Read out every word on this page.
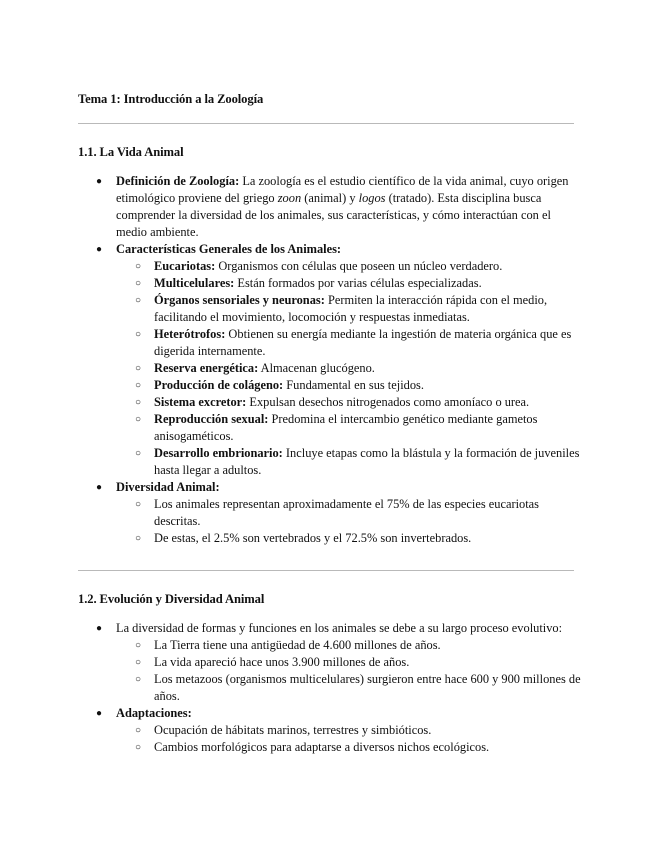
Tema 1: Introducción a la Zoología
1.1. La Vida Animal
● Definición de Zoología: La zoología es el estudio científico de la vida animal, cuyo origen etimológico proviene del griego zoon (animal) y logos (tratado). Esta disciplina busca comprender la diversidad de los animales, sus características, y cómo interactúan con el medio ambiente.
● Características Generales de los Animales:
○ Eucariotas: Organismos con células que poseen un núcleo verdadero.
○ Multicelulares: Están formados por varias células especializadas.
○ Órganos sensoriales y neuronas: Permiten la interacción rápida con el medio, facilitando el movimiento, locomoción y respuestas inmediatas.
○ Heterótrofos: Obtienen su energía mediante la ingestión de materia orgánica que es digerida internamente.
○ Reserva energética: Almacenan glucógeno.
○ Producción de colágeno: Fundamental en sus tejidos.
○ Sistema excretor: Expulsan desechos nitrogenados como amoníaco o urea.
○ Reproducción sexual: Predomina el intercambio genético mediante gametos anisogaméticos.
○ Desarrollo embrionario: Incluye etapas como la blástula y la formación de juveniles hasta llegar a adultos.
● Diversidad Animal:
○ Los animales representan aproximadamente el 75% de las especies eucariotas descritas.
○ De estas, el 2.5% son vertebrados y el 72.5% son invertebrados.
1.2. Evolución y Diversidad Animal
● La diversidad de formas y funciones en los animales se debe a su largo proceso evolutivo:
○ La Tierra tiene una antigüedad de 4.600 millones de años.
○ La vida apareció hace unos 3.900 millones de años.
○ Los metazoos (organismos multicelulares) surgieron entre hace 600 y 900 millones de años.
● Adaptaciones:
○ Ocupación de hábitats marinos, terrestres y simbióticos.
○ Cambios morfológicos para adaptarse a diversos nichos ecológicos.
